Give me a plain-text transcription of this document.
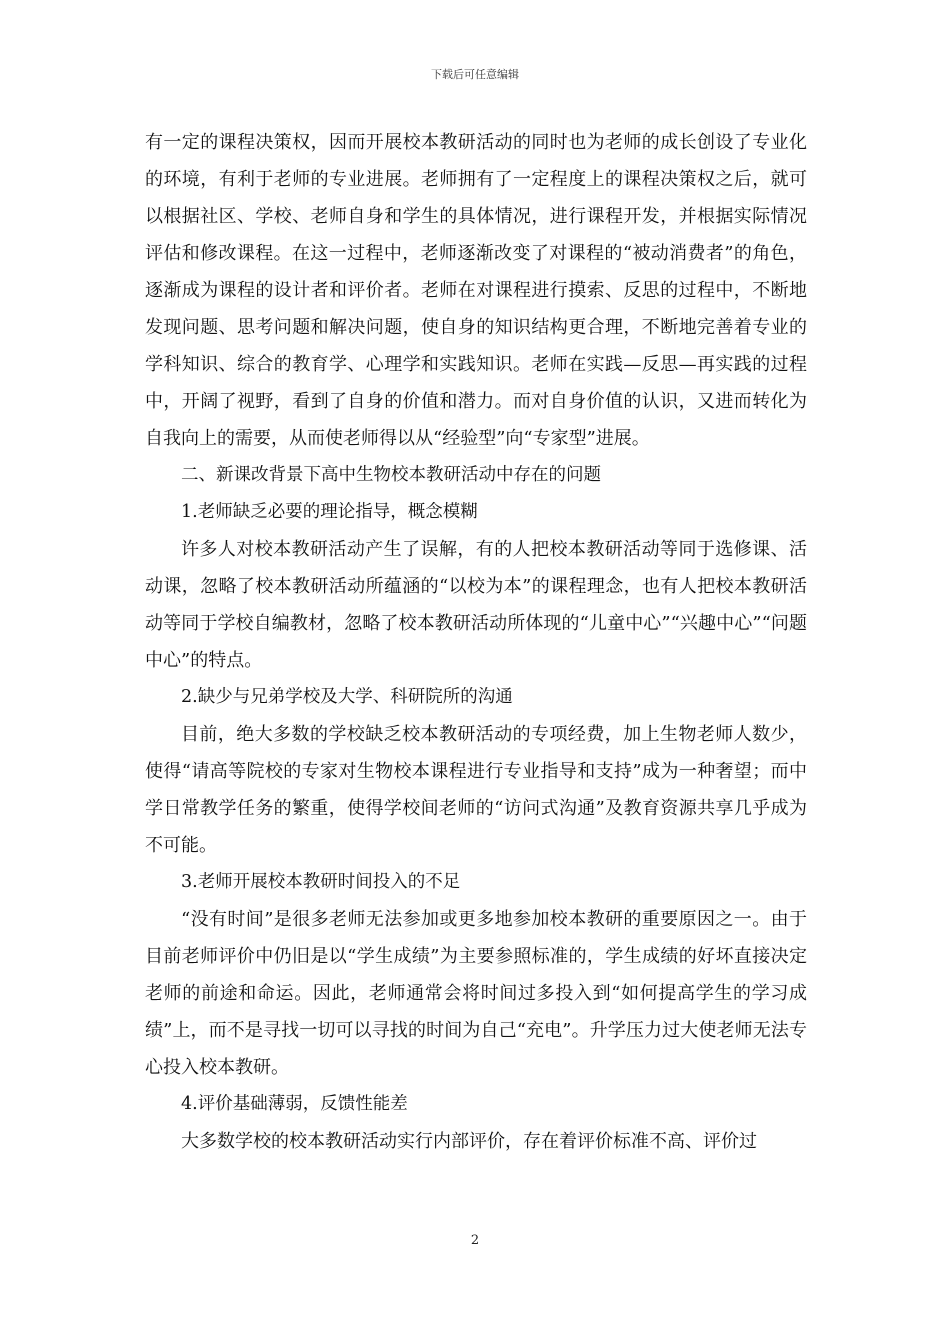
下载后可任意编辑

有一定的课程决策权，因而开展校本教研活动的同时也为老师的成长创设了专业化的环境，有利于老师的专业进展。老师拥有了一定程度上的课程决策权之后，就可以根据社区、学校、老师自身和学生的具体情况，进行课程开发，并根据实际情况评估和修改课程。在这一过程中，老师逐渐改变了对课程的“被动消费者”的角色，逐渐成为课程的设计者和评价者。老师在对课程进行摸索、反思的过程中，不断地发现问题、思考问题和解决问题，使自身的知识结构更合理，不断地完善着专业的学科知识、综合的教育学、心理学和实践知识。老师在实践—反思—再实践的过程中，开阔了视野，看到了自身的价值和潜力。而对自身价值的认识，又进而转化为自我向上的需要，从而使老师得以从“经验型”向“专家型”进展。

二、新课改背景下高中生物校本教研活动中存在的问题

1.老师缺乏必要的理论指导，概念模糊

许多人对校本教研活动产生了误解，有的人把校本教研活动等同于选修课、活动课，忽略了校本教研活动所蕴涵的“以校为本”的课程理念，也有人把校本教研活动等同于学校自编教材，忽略了校本教研活动所体现的“儿童中心”“兴趣中心”“问题中心”的特点。

2.缺少与兄弟学校及大学、科研院所的沟通

目前，绝大多数的学校缺乏校本教研活动的专项经费，加上生物老师人数少，使得“请高等院校的专家对生物校本课程进行专业指导和支持”成为一种奢望；而中学日常教学任务的繁重，使得学校间老师的“访问式沟通”及教育资源共享几乎成为不可能。

3.老师开展校本教研时间投入的不足

“没有时间”是很多老师无法参加或更多地参加校本教研的重要原因之一。由于目前老师评价中仍旧是以“学生成绩”为主要参照标准的，学生成绩的好坏直接决定老师的前途和命运。因此，老师通常会将时间过多投入到“如何提高学生的学习成绩”上，而不是寻找一切可以寻找的时间为自己“充电”。升学压力过大使老师无法专心投入校本教研。

4.评价基础薄弱，反馈性能差

大多数学校的校本教研活动实行内部评价，存在着评价标准不高、评价过

2
